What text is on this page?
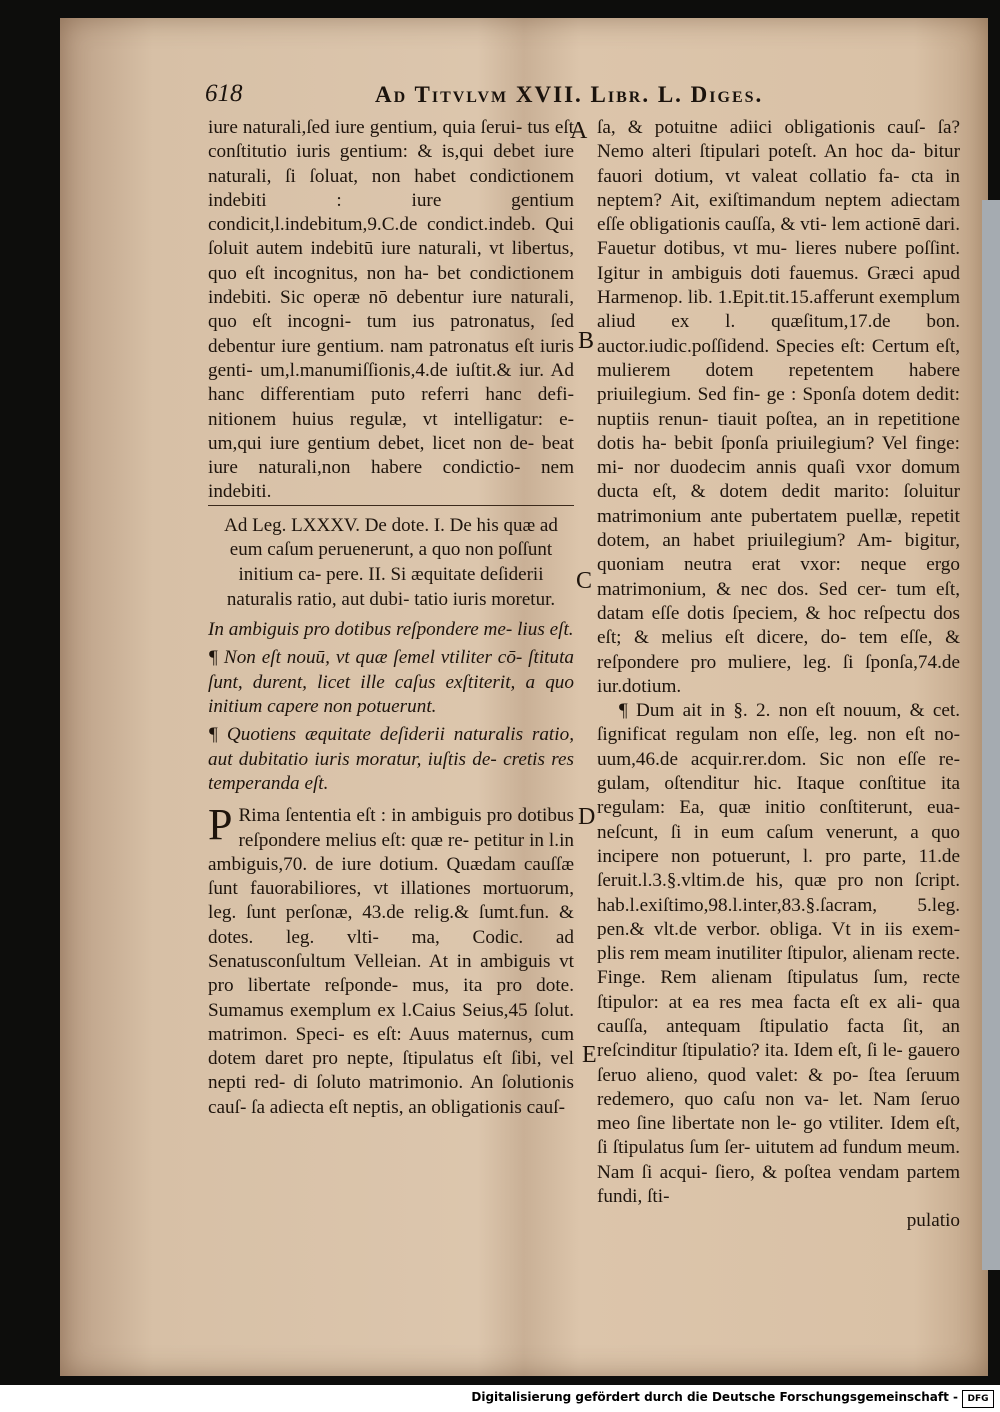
618	Ad Titvlvm XVII. Libr. L. Diges.
A
B
C
D
E

iure naturali,ſed iure gentium, quia ſerui- tus eſt conſtitutio iuris gentium: & is,qui debet iure naturali, ſi ſoluat, non habet condictionem indebiti : iure gentium condicit,l.indebitum,9.C.de condict.indeb. Qui ſoluit autem indebitū iure naturali, vt libertus, quo eſt incognitus, non ha- bet condictionem indebiti. Sic operæ nō debentur iure naturali, quo eſt incogni- tum ius patronatus, ſed debentur iure gentium. nam patronatus eſt iuris genti- um,l.manumiſſionis,4.de iuſtit.& iur. Ad hanc differentiam puto referri hanc defi- nitionem huius regulæ, vt intelligatur: e- um,qui iure gentium debet, licet non de- beat iure naturali,non habere condictio- nem indebiti.

Ad Leg. LXXXV. De dote. I. De his quæ ad eum caſum peruenerunt, a quo non poſſunt initium ca- pere. II. Si æquitate deſiderii naturalis ratio, aut dubi- tatio iuris moretur.

In ambiguis pro dotibus reſpondere me- lius eſt.

¶ Non eſt nouū, vt quæ ſemel vtiliter cō- ſtituta ſunt, durent, licet ille caſus exſtiterit, a quo initium capere non potuerunt.

¶ Quotiens æquitate deſiderii naturalis ratio, aut dubitatio iuris moratur, iuſtis de- cretis res temperanda eſt.

P Rima ſententia eſt : in ambiguis pro dotibus reſpondere melius eſt: quæ re- petitur in l.in ambiguis,70. de iure dotium. Quædam cauſſæ ſunt fauorabiliores, vt illationes mortuorum, leg. ſunt perſonæ, 43.de relig.& ſumt.fun. & dotes. leg. vlti- ma, Codic. ad Senatusconſultum Velleian. At in ambiguis vt pro libertate reſponde- mus, ita pro dote. Sumamus exemplum ex l.Caius Seius,45 ſolut. matrimon. Speci- es eſt: Auus maternus, cum dotem daret pro nepte, ſtipulatus eſt ſibi, vel nepti red- di ſoluto matrimonio. An ſolutionis cauſ- ſa adiecta eſt neptis, an obligationis cauſ-

ſa, & potuitne adiici obligationis cauſ- ſa? Nemo alteri ſtipulari poteſt. An hoc da- bitur fauori dotium, vt valeat collatio fa- cta in neptem? Ait, exiſtimandum neptem adiectam eſſe obligationis cauſſa, & vti- lem actionē dari. Fauetur dotibus, vt mu- lieres nubere poſſint. Igitur in ambiguis doti fauemus. Græci apud Harmenop. lib. 1.Epit.tit.15.afferunt exemplum aliud ex l. quæſitum,17.de bon. auctor.iudic.poſſidend. Species eſt: Certum eſt, mulierem dotem repetentem habere priuilegium. Sed fin- ge : Sponſa dotem dedit: nuptiis renun- tiauit poſtea, an in repetitione dotis ha- bebit ſponſa priuilegium? Vel finge: mi- nor duodecim annis quaſi vxor domum ducta eſt, & dotem dedit marito: ſoluitur matrimonium ante pubertatem puellæ, repetit dotem, an habet priuilegium? Am- bigitur, quoniam neutra erat vxor: neque ergo matrimonium, & nec dos. Sed cer- tum eſt, datam eſſe dotis ſpeciem, & hoc reſpectu dos eſt; & melius eſt dicere, do- tem eſſe, & reſpondere pro muliere, leg. ſi ſponſa,74.de iur.dotium.

¶ Dum ait in §. 2. non eſt nouum, & cet. ſignificat regulam non eſſe, leg. non eſt no- uum,46.de acquir.rer.dom. Sic non eſſe re- gulam, oſtenditur hic. Itaque conſtitue ita regulam: Ea, quæ initio conſtiterunt, eua- neſcunt, ſi in eum caſum venerunt, a quo incipere non potuerunt, l. pro parte, 11.de ſeruit.l.3.§.vltim.de his, quæ pro non ſcript. hab.l.exiſtimo,98.l.inter,83.§.ſacram, 5.leg. pen.& vlt.de verbor. obliga. Vt in iis exem- plis rem meam inutiliter ſtipulor, alienam recte. Finge. Rem alienam ſtipulatus ſum, recte ſtipulor: at ea res mea facta eſt ex ali- qua cauſſa, antequam ſtipulatio facta ſit, an reſcinditur ſtipulatio? ita. Idem eſt, ſi le- gauero ſeruo alieno, quod valet: & po- ſtea ſeruum redemero, quo caſu non va- let. Nam ſeruo meo ſine libertate non le- go vtiliter. Idem eſt, ſi ſtipulatus ſum ſer- uitutem ad fundum meum. Nam ſi acqui- ſiero, & poſtea vendam partem fundi, ſti-

pulatio

Digitalisierung gefördert durch die Deutsche Forschungsgemeinschaft -	DFG
